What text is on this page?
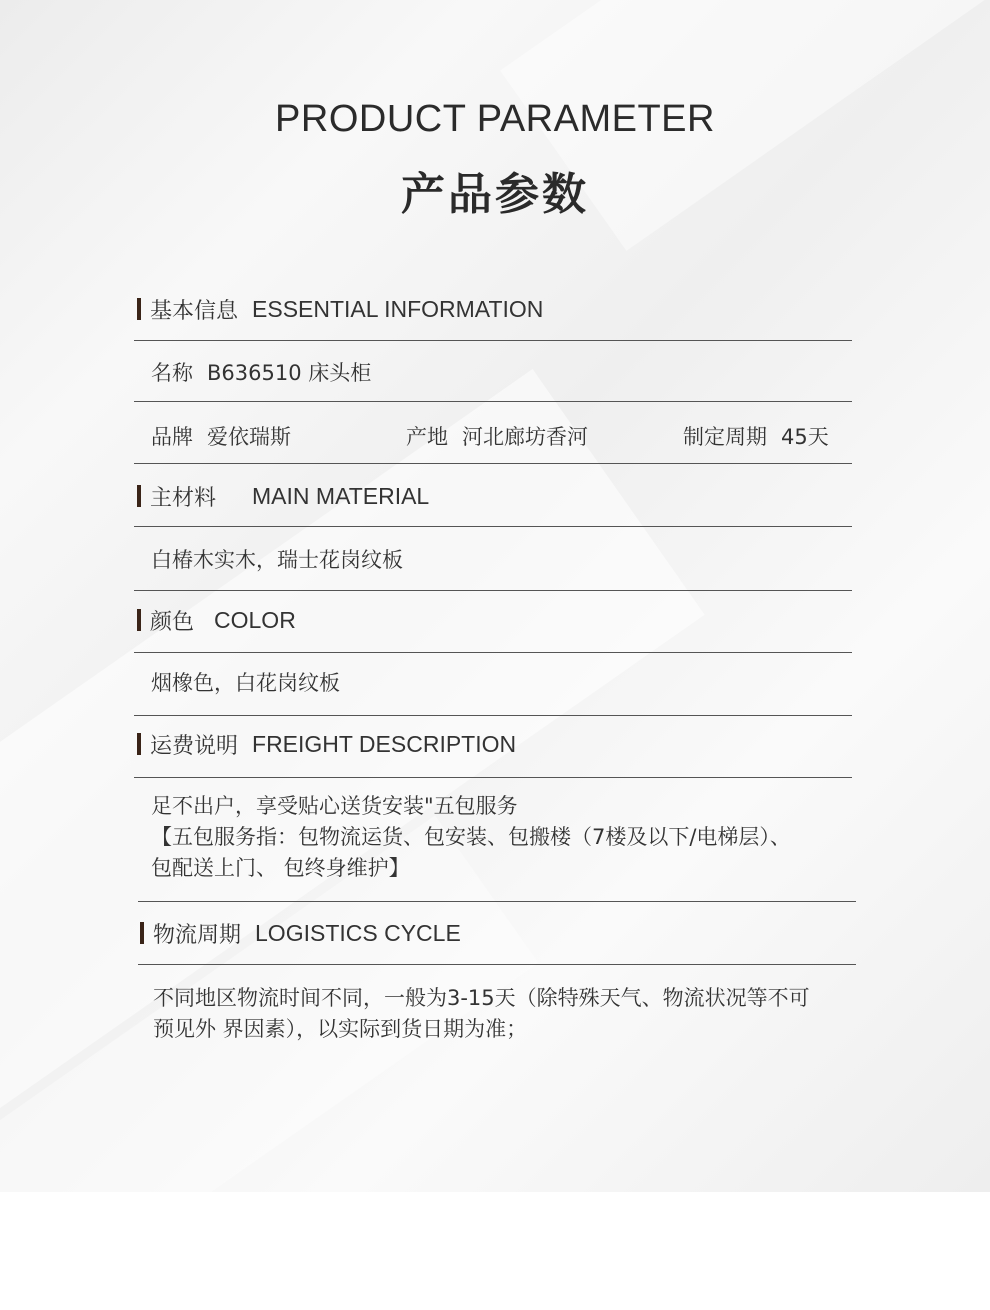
PRODUCT PARAMETER
产品参数
基本信息 ESSENTIAL INFORMATION
名称 B636510 床头柜
品牌 爱依瑞斯	产地 河北廊坊香河	制定周期 45天
主材料 MAIN MATERIAL
白椿木实木，瑞士花岗纹板
颜色 COLOR
烟橡色，白花岗纹板
运费说明 FREIGHT DESCRIPTION
足不出户，享受贴心送货安装"五包服务
【五包服务指：包物流运货、包安装、包搬楼（7楼及以下/电梯层）、
包配送上门、 包终身维护】
物流周期 LOGISTICS CYCLE
不同地区物流时间不同，一般为3-15天（除特殊天气、物流状况等不可
预见外 界因素），以实际到货日期为准；
